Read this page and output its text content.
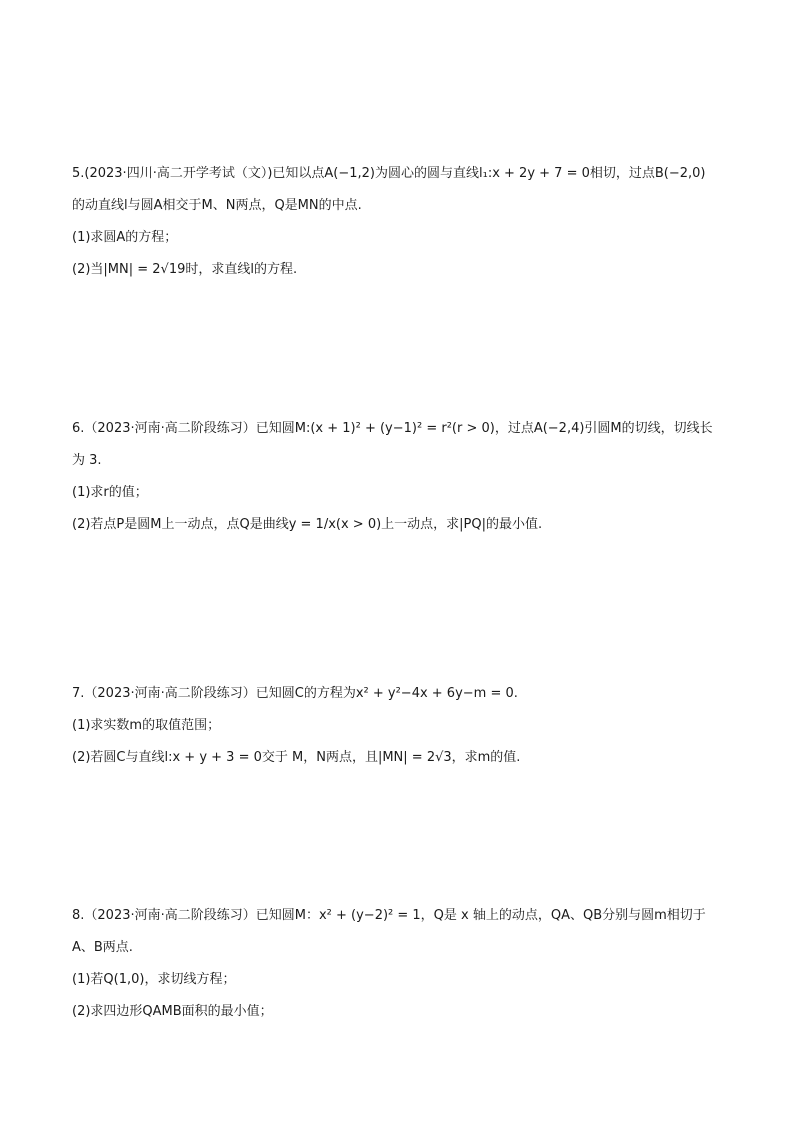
5.(2023·四川·高二开学考试（文）)已知以点A(−1,2)为圆心的圆与直线l₁:x + 2y + 7 = 0相切，过点B(−2,0)
的动直线l与圆A相交于M、N两点，Q是MN的中点.
(1)求圆A的方程；
(2)当|MN| = 2√19时，求直线l的方程.
6.（2023·河南·高二阶段练习）已知圆M:(x + 1)² + (y−1)² = r²(r > 0)，过点A(−2,4)引圆M的切线，切线长
为 3.
(1)求r的值；
(2)若点P是圆M上一动点，点Q是曲线y = 1/x(x > 0)上一动点，求|PQ|的最小值.
7.（2023·河南·高二阶段练习）已知圆C的方程为x² + y²−4x + 6y−m = 0.
(1)求实数m的取值范围；
(2)若圆C与直线l:x + y + 3 = 0交于 M，N两点，且|MN| = 2√3，求m的值.
8.（2023·河南·高二阶段练习）已知圆M：x² + (y−2)² = 1，Q是 x 轴上的动点，QA、QB分别与圆m相切于
A、B两点.
(1)若Q(1,0)，求切线方程；
(2)求四边形QAMB面积的最小值；
